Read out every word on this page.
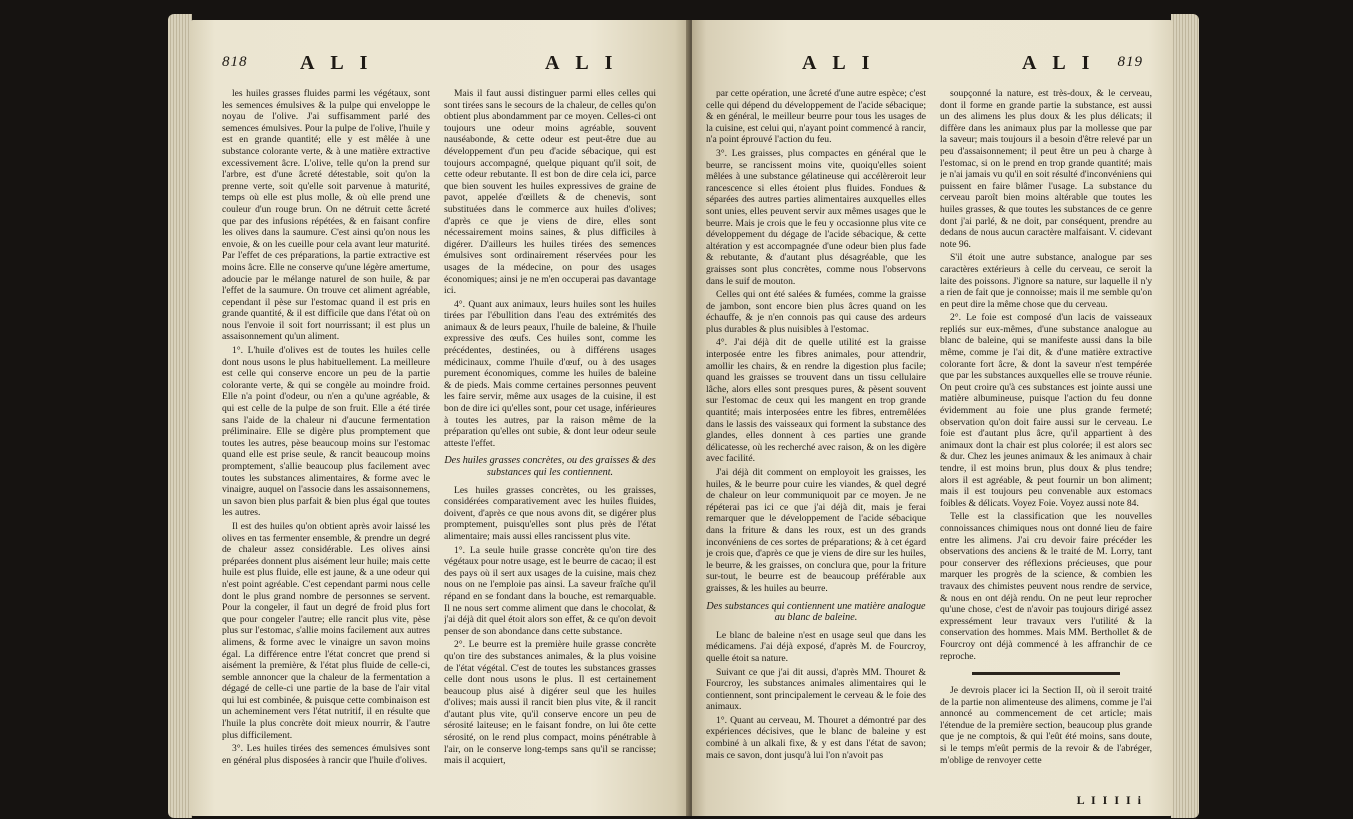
818	A L I	A L I

les huiles grasses fluides parmi les végétaux, sont les semences émulsives & la pulpe qui enveloppe le noyau de l'olive. J'ai suffisamment parlé des semences émulsives. Pour la pulpe de l'olive, l'huile y est en grande quantité; elle y est mêlée à une substance colorante verte, & à une matière extractive excessivement âcre. L'olive, telle qu'on la prend sur l'arbre, est d'une âcreté détestable, soit qu'on la prenne verte, soit qu'elle soit parvenue à maturité, temps où elle est plus molle, & où elle prend une couleur d'un rouge brun. On ne détruit cette âcreté que par des infusions répétées, & en faisant confire les olives dans la saumure. C'est ainsi qu'on nous les envoie, & on les cueille pour cela avant leur maturité. Par l'effet de ces préparations, la partie extractive est moins âcre. Elle ne conserve qu'une légère amertume, adoucie par le mélange naturel de son huile, & par l'effet de la saumure. On trouve cet aliment agréable, cependant il pèse sur l'estomac quand il est pris en grande quantité, & il est difficile que dans l'état où on nous l'envoie il soit fort nourrissant; il est plus un assaisonnement qu'un aliment.

1°. L'huile d'olives est de toutes les huiles celle dont nous usons le plus habituellement. La meilleure est celle qui conserve encore un peu de la partie colorante verte, & qui se congèle au moindre froid. Elle n'a point d'odeur, ou n'en a qu'une agréable, & qui est celle de la pulpe de son fruit. Elle a été tirée sans l'aide de la chaleur ni d'aucune fermentation préliminaire. Elle se digère plus promptement que toutes les autres, pèse beaucoup moins sur l'estomac quand elle est prise seule, & rancit beaucoup moins promptement, s'allie beaucoup plus facilement avec toutes les substances alimentaires, & forme avec le vinaigre, auquel on l'associe dans les assaisonnemens, un savon bien plus parfait & bien plus égal que toutes les autres.

Il est des huiles qu'on obtient après avoir laissé les olives en tas fermenter ensemble, & prendre un degré de chaleur assez considérable. Les olives ainsi préparées donnent plus aisément leur huile; mais cette huile est plus fluide, elle est jaune, & a une odeur qui n'est point agréable. C'est cependant parmi nous celle dont le plus grand nombre de personnes se servent. Pour la congeler, il faut un degré de froid plus fort que pour congeler l'autre; elle rancit plus vite, pèse plus sur l'estomac, s'allie moins facilement aux autres alimens, & forme avec le vinaigre un savon moins égal. La différence entre l'état concret que prend si aisément la première, & l'état plus fluide de celle-ci, semble annoncer que la chaleur de la fermentation a dégagé de celle-ci une partie de la base de l'air vital qui lui est combinée, & puisque cette combinaison est un acheminement vers l'état nutritif, il en résulte que l'huile la plus concrète doit mieux nourrir, & l'autre plus difficilement.

3°. Les huiles tirées des semences émulsives sont en général plus disposées à rancir que l'huile d'olives.

Mais il faut aussi distinguer parmi elles celles qui sont tirées sans le secours de la chaleur, de celles qu'on obtient plus abondamment par ce moyen. Celles-ci ont toujours une odeur moins agréable, souvent nauséabonde, & cette odeur est peut-être due au développement d'un peu d'acide sébacique, qui est toujours accompagné, quelque piquant qu'il soit, de cette odeur rebutante. Il est bon de dire cela ici, parce que bien souvent les huiles expressives de graine de pavot, appelée d'œillets & de chenevis, sont substituées dans le commerce aux huiles d'olives; d'après ce que je viens de dire, elles sont nécessairement moins saines, & plus difficiles à digérer. D'ailleurs les huiles tirées des semences émulsives sont ordinairement réservées pour les usages de la médecine, on pour des usages économiques; ainsi je ne m'en occuperai pas davantage ici.

4°. Quant aux animaux, leurs huiles sont les huiles tirées par l'ébullition dans l'eau des extrémités des animaux & de leurs peaux, l'huile de baleine, & l'huile expressive des œufs. Ces huiles sont, comme les précédentes, destinées, ou à différens usages médicinaux, comme l'huile d'œuf, ou à des usages purement économiques, comme les huiles de baleine & de pieds. Mais comme certaines personnes peuvent les faire servir, même aux usages de la cuisine, il est bon de dire ici qu'elles sont, pour cet usage, inférieures à toutes les autres, par la raison même de la préparation qu'elles ont subie, & dont leur odeur seule atteste l'effet.

Des huiles grasses concrètes, ou des graisses & des substances qui les contiennent.

Les huiles grasses concrètes, ou les graisses, considérées comparativement avec les huiles fluides, doivent, d'après ce que nous avons dit, se digérer plus promptement, puisqu'elles sont plus près de l'état alimentaire; mais aussi elles rancissent plus vite.

1°. La seule huile grasse concrète qu'on tire des végétaux pour notre usage, est le beurre de cacao; il est des pays où il sert aux usages de la cuisine, mais chez nous on ne l'emploie pas ainsi. La saveur fraîche qu'il répand en se fondant dans la bouche, est remarquable. Il ne nous sert comme aliment que dans le chocolat, & j'ai déjà dit quel étoit alors son effet, & ce qu'on devoit penser de son abondance dans cette substance.

2°. Le beurre est la première huile grasse concrète qu'on tire des substances animales, & la plus voisine de l'état végétal. C'est de toutes les substances grasses celle dont nous usons le plus. Il est certainement beaucoup plus aisé à digérer seul que les huiles d'olives; mais aussi il rancit bien plus vite, & il rancit d'autant plus vite, qu'il conserve encore un peu de sérosité laiteuse; en le faisant fondre, on lui ôte cette sérosité, on le rend plus compact, moins pénétrable à l'air, on le conserve long-temps sans qu'il se rancisse; mais il acquiert,

819
A L I	A L I

par cette opération, une âcreté d'une autre espèce; c'est celle qui dépend du développement de l'acide sébacique; & en général, le meilleur beurre pour tous les usages de la cuisine, est celui qui, n'ayant point commencé à rancir, n'a point éprouvé l'action du feu.

3°. Les graisses, plus compactes en général que le beurre, se rancissent moins vite, quoiqu'elles soient mêlées à une substance gélatineuse qui accélèreroit leur rancescence si elles étoient plus fluides. Fondues & séparées des autres parties alimentaires auxquelles elles sont unies, elles peuvent servir aux mêmes usages que le beurre. Mais je crois que le feu y occasionne plus vite ce développement du dégage de l'acide sébacique, & cette altération y est accompagnée d'une odeur bien plus fade & rebutante, & d'autant plus désagréable, que les graisses sont plus concrètes, comme nous l'observons dans le suif de mouton.

Celles qui ont été salées & fumées, comme la graisse de jambon, sont encore bien plus âcres quand on les échauffe, & je n'en connois pas qui cause des ardeurs plus durables & plus nuisibles à l'estomac.

4°. J'ai déjà dit de quelle utilité est la graisse interposée entre les fibres animales, pour attendrir, amollir les chairs, & en rendre la digestion plus facile; quand les graisses se trouvent dans un tissu cellulaire lâche, alors elles sont presques pures, & pèsent souvent sur l'estomac de ceux qui les mangent en trop grande quantité; mais interposées entre les fibres, entremêlées dans le lassis des vaisseaux qui forment la substance des glandes, elles donnent à ces parties une grande délicatesse, où les recherché avec raison, & on les digère avec facilité.

J'ai déjà dit comment on employoit les graisses, les huiles, & le beurre pour cuire les viandes, & quel degré de chaleur on leur communiquoit par ce moyen. Je ne répéterai pas ici ce que j'ai déjà dit, mais je ferai remarquer que le développement de l'acide sébacique dans la friture & dans les roux, est un des grands inconvéniens de ces sortes de préparations; & à cet égard je crois que, d'après ce que je viens de dire sur les huiles, le beurre, & les graisses, on conclura que, pour la friture sur-tout, le beurre est de beaucoup préférable aux graisses, & les huiles au beurre.

Des substances qui contiennent une matière analogue au blanc de baleine.

Le blanc de baleine n'est en usage seul que dans les médicamens. J'ai déjà exposé, d'après M. de Fourcroy, quelle étoit sa nature.

Suivant ce que j'ai dit aussi, d'après MM. Thouret & Fourcroy, les substances animales alimentaires qui le contiennent, sont principalement le cerveau & le foie des animaux.

1°. Quant au cerveau, M. Thouret a démontré par des expériences décisives, que le blanc de baleine y est combiné à un alkali fixe, & y est dans l'état de savon; mais ce savon, dont jusqu'à lui l'on n'avoit pas

soupçonné la nature, est très-doux, & le cerveau, dont il forme en grande partie la substance, est aussi un des alimens les plus doux & les plus délicats; il diffère dans les animaux plus par la mollesse que par la saveur; mais toujours il a besoin d'être relevé par un peu d'assaisonnement; il peut être un peu à charge à l'estomac, si on le prend en trop grande quantité; mais je n'ai jamais vu qu'il en soit résulté d'inconvéniens qui puissent en faire blâmer l'usage. La substance du cerveau paroît bien moins altérable que toutes les huiles grasses, & que toutes les substances de ce genre dont j'ai parlé, & ne doit, par conséquent, prendre au dedans de nous aucun caractère malfaisant. V. cidevant note 96.

S'il étoit une autre substance, analogue par ses caractères extérieurs à celle du cerveau, ce seroit la laite des poissons. J'ignore sa nature, sur laquelle il n'y a rien de fait que je connoisse; mais il me semble qu'on en peut dire la même chose que du cerveau.

2°. Le foie est composé d'un lacis de vaisseaux repliés sur eux-mêmes, d'une substance analogue au blanc de baleine, qui se manifeste aussi dans la bile même, comme je l'ai dit, & d'une matière extractive colorante fort âcre, & dont la saveur n'est tempérée que par les substances auxquelles elle se trouve réunie. On peut croire qu'à ces substances est jointe aussi une matière albumineuse, puisque l'action du feu donne évidemment au foie une plus grande fermeté; observation qu'on doit faire aussi sur le cerveau. Le foie est d'autant plus âcre, qu'il appartient à des animaux dont la chair est plus colorée; il est alors sec & dur. Chez les jeunes animaux & les animaux à chair tendre, il est moins brun, plus doux & plus tendre; alors il est agréable, & peut fournir un bon aliment; mais il est toujours peu convenable aux estomacs foibles & délicats. Voyez Foie. Voyez aussi note 84.

Telle est la classification que les nouvelles connoissances chimiques nous ont donné lieu de faire entre les alimens. J'ai cru devoir faire précéder les observations des anciens & le traité de M. Lorry, tant pour conserver des réflexions précieuses, que pour marquer les progrès de la science, & combien les travaux des chimistes peuvent nous rendre de service, & nous en ont déjà rendu. On ne peut leur reprocher qu'une chose, c'est de n'avoir pas toujours dirigé assez expressément leur travaux vers l'utilité & la conservation des hommes. Mais MM. Berthollet & de Fourcroy ont déjà commencé à les affranchir de ce reproche.

Je devrois placer ici la Section II, où il seroit traité de la partie non alimenteuse des alimens, comme je l'ai annoncé au commencement de cet article; mais l'étendue de la première section, beaucoup plus grande que je ne comptois, & qui l'eût été moins, sans doute, si le temps m'eût permis de la revoir & de l'abréger, m'oblige de renvoyer cette

L I I I I i
